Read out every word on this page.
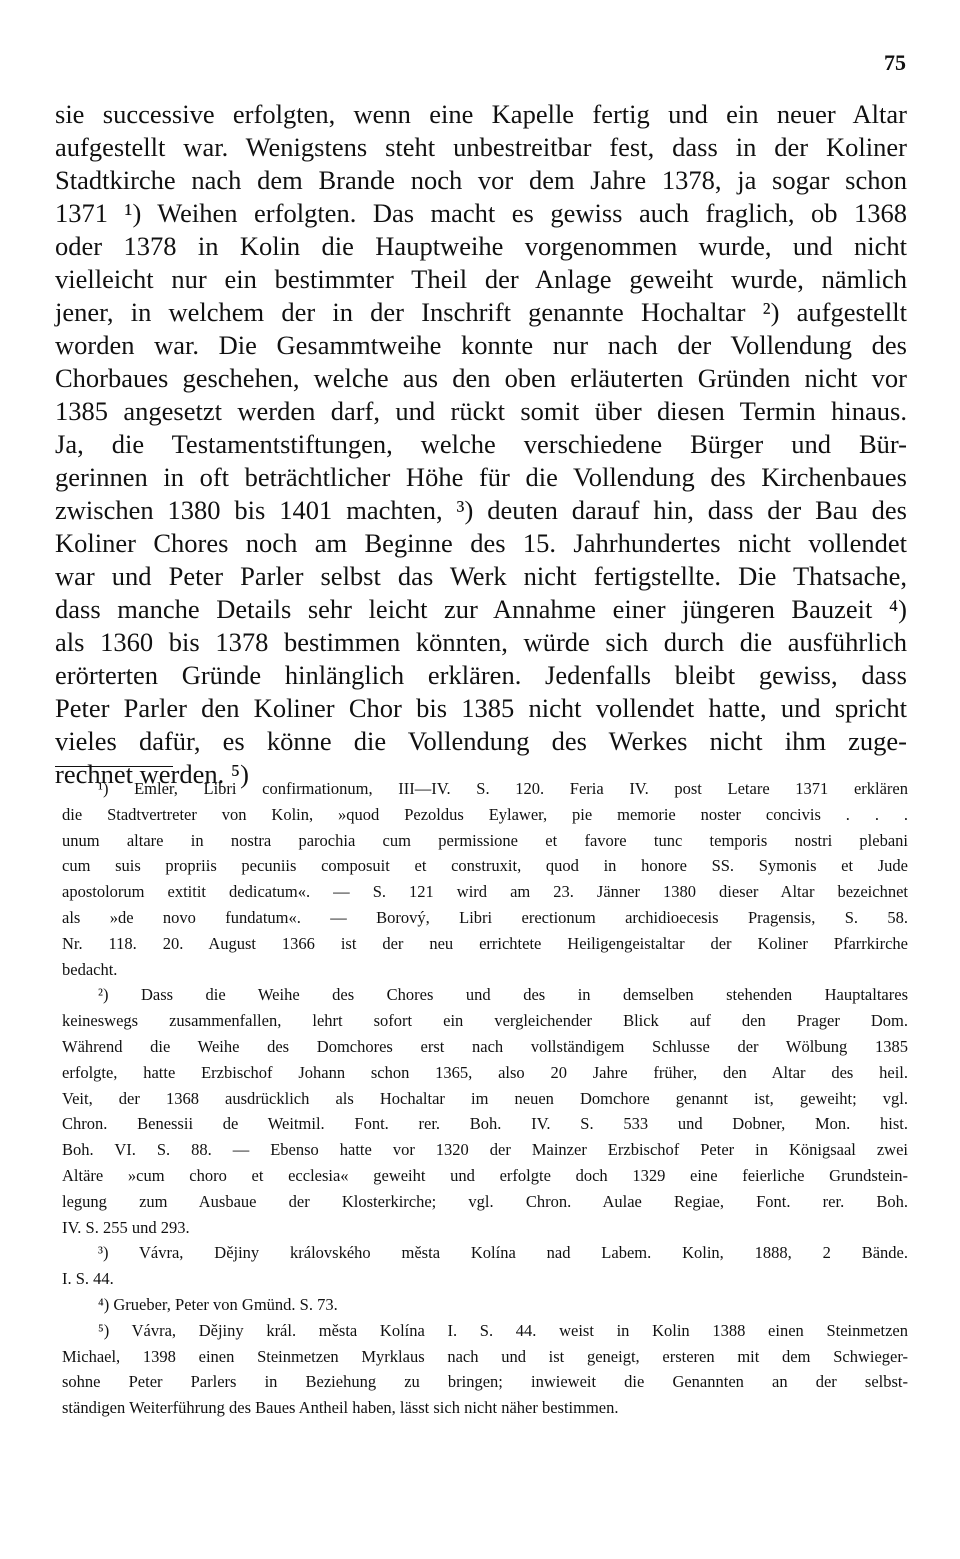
75
sie successive erfolgten, wenn eine Kapelle fertig und ein neuer Altar
aufgestellt war. Wenigstens steht unbestreitbar fest, dass in der Koliner
Stadtkirche nach dem Brande noch vor dem Jahre 1378, ja sogar schon
1371 ¹) Weihen erfolgten. Das macht es gewiss auch fraglich, ob 1368
oder 1378 in Kolin die Hauptweihe vorgenommen wurde, und nicht
vielleicht nur ein bestimmter Theil der Anlage geweiht wurde, nämlich
jener, in welchem der in der Inschrift genannte Hochaltar ²) aufgestellt
worden war. Die Gesammtweihe konnte nur nach der Vollendung des
Chorbaues geschehen, welche aus den oben erläuterten Gründen nicht vor
1385 angesetzt werden darf, und rückt somit über diesen Termin hinaus.
Ja, die Testamentstiftungen, welche verschiedene Bürger und Bür-
gerinnen in oft beträchtlicher Höhe für die Vollendung des Kirchenbaues
zwischen 1380 bis 1401 machten, ³) deuten darauf hin, dass der Bau des
Koliner Chores noch am Beginne des 15. Jahrhundertes nicht vollendet
war und Peter Parler selbst das Werk nicht fertigstellte. Die Thatsache,
dass manche Details sehr leicht zur Annahme einer jüngeren Bauzeit ⁴)
als 1360 bis 1378 bestimmen könnten, würde sich durch die ausführlich
erörterten Gründe hinlänglich erklären. Jedenfalls bleibt gewiss, dass
Peter Parler den Koliner Chor bis 1385 nicht vollendet hatte, und spricht
vieles dafür, es könne die Vollendung des Werkes nicht ihm zuge-
rechnet werden. ⁵)
¹) Emler, Libri confirmationum, III—IV. S. 120. Feria IV. post Letare 1371 erklären
die Stadtvertreter von Kolin, »quod Pezoldus Eylawer, pie memorie noster concivis . . .
unum altare in nostra parochia cum permissione et favore tunc temporis nostri plebani
cum suis propriis pecuniis composuit et construxit, quod in honore SS. Symonis et Jude
apostolorum extitit dedicatum«. — S. 121 wird am 23. Jänner 1380 dieser Altar bezeichnet
als »de novo fundatum«. — Borový, Libri erectionum archidioecesis Pragensis, S. 58.
Nr. 118. 20. August 1366 ist der neu errichtete Heiligengeistaltar der Koliner Pfarrkirche
bedacht.
²) Dass die Weihe des Chores und des in demselben stehenden Hauptaltares
keineswegs zusammenfallen, lehrt sofort ein vergleichender Blick auf den Prager Dom.
Während die Weihe des Domchores erst nach vollständigem Schlusse der Wölbung 1385
erfolgte, hatte Erzbischof Johann schon 1365, also 20 Jahre früher, den Altar des heil.
Veit, der 1368 ausdrücklich als Hochaltar im neuen Domchore genannt ist, geweiht; vgl.
Chron. Benessii de Weitmil. Font. rer. Boh. IV. S. 533 und Dobner, Mon. hist.
Boh. VI. S. 88. — Ebenso hatte vor 1320 der Mainzer Erzbischof Peter in Königsaal zwei
Altäre »cum choro et ecclesia« geweiht und erfolgte doch 1329 eine feierliche Grundstein-
legung zum Ausbaue der Klosterkirche; vgl. Chron. Aulae Regiae, Font. rer. Boh.
IV. S. 255 und 293.
³) Vávra, Dějiny královského města Kolína nad Labem. Kolin, 1888, 2 Bände.
I. S. 44.
⁴) Grueber, Peter von Gmünd. S. 73.
⁵) Vávra, Dějiny král. města Kolína I. S. 44. weist in Kolin 1388 einen Steinmetzen
Michael, 1398 einen Steinmetzen Myrklaus nach und ist geneigt, ersteren mit dem Schwieger-
sohne Peter Parlers in Beziehung zu bringen; inwieweit die Genannten an der selbst-
ständigen Weiterführung des Baues Antheil haben, lässt sich nicht näher bestimmen.
